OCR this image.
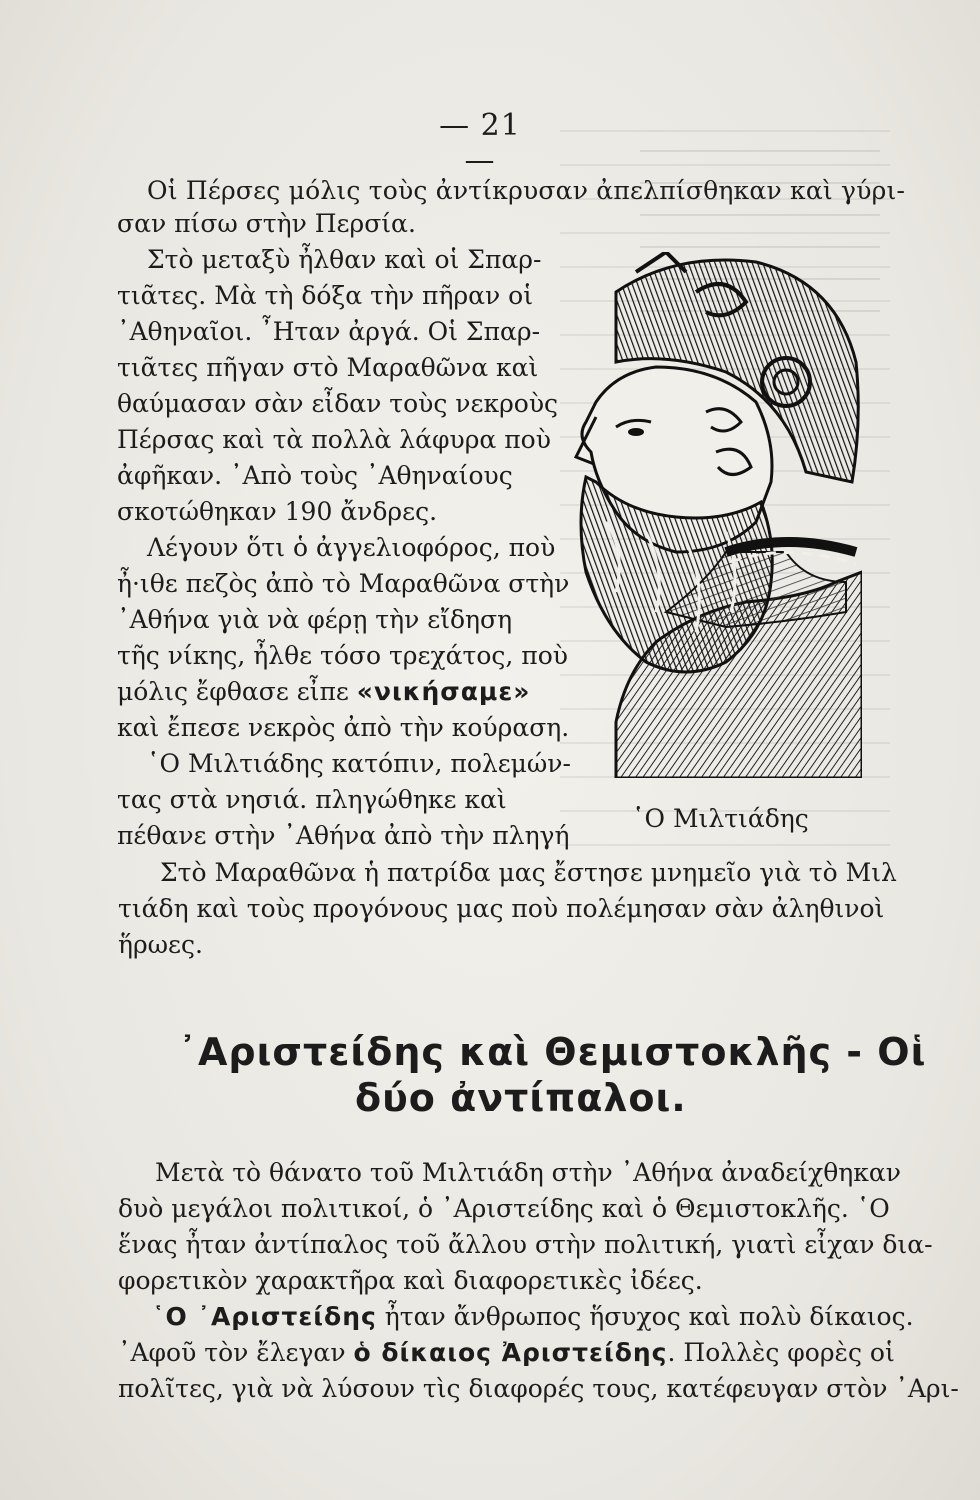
— 21 —
Οἱ Πέρσες μόλις τοὺς ἀντίκρυσαν ἀπελπίσθηκαν καὶ γύρι-
σαν πίσω στὴν Περσία.
Στὸ μεταξὺ ἦλθαν καὶ οἱ Σπαρ-
τιᾶτες. Μὰ τὴ δόξα τὴν πῆραν οἱ
᾿Αθηναῖοι. ῏Ηταν ἀργά. Οἱ Σπαρ-
τιᾶτες πῆγαν στὸ Μαραθῶνα καὶ
θαύμασαν σὰν εἶδαν τοὺς νεκροὺς
Πέρσας καὶ τὰ πολλὰ λάφυρα ποὺ
ἀφῆκαν. ᾿Απὸ τοὺς ᾿Αθηναίους
σκοτώθηκαν 190 ἄνδρες.
Λέγουν ὅτι ὁ ἀγγελιοφόρος, ποὺ
ἦ·ιθε πεζὸς ἀπὸ τὸ Μαραθῶνα στὴν
᾿Αθήνα γιὰ νὰ φέρῃ τὴν εἴδηση
τῆς νίκης, ἦλθε τόσο τρεχάτος, ποὺ
μόλις ἔφθασε εἶπε «νικήσαμε»
καὶ ἔπεσε νεκρὸς ἀπὸ τὴν κούραση.
῾Ο Μιλτιάδης κατόπιν, πολεμών-
τας στὰ νησιά. πληγώθηκε καὶ
πέθανε στὴν ᾿Αθήνα ἀπὸ τὴν πληγή
῾Ο Μιλτιάδης
Στὸ Μαραθῶνα ἡ πατρίδα μας ἔστησε μνημεῖο γιὰ τὸ Μιλ
τιάδη καὶ τοὺς προγόνους μας ποὺ πολέμησαν σὰν ἀληθινοὶ
ἥρωες.
᾿Αριστείδης καὶ Θεμιστοκλῆς - Οἱ
δύο ἀντίπαλοι.
Μετὰ τὸ θάνατο τοῦ Μιλτιάδη στὴν ᾿Αθήνα ἀναδείχθηκαν
δυὸ μεγάλοι πολιτικοί, ὁ ᾿Αριστείδης καὶ ὁ Θεμιστοκλῆς. ῾Ο
ἕνας ἦταν ἀντίπαλος τοῦ ἄλλου στὴν πολιτική, γιατὶ εἶχαν δια-
φορετικὸν χαρακτῆρα καὶ διαφορετικὲς ἰδέες.
῾Ο ᾿Αριστείδης ἦταν ἄνθρωπος ἥσυχος καὶ πολὺ δίκαιος.
᾿Αφοῦ τὸν ἔλεγαν ὁ δίκαιος Ἀριστείδης. Πολλὲς φορὲς οἱ
πολῖτες, γιὰ νὰ λύσουν τὶς διαφορές τους, κατέφευγαν στὸν ᾿Αρι-
